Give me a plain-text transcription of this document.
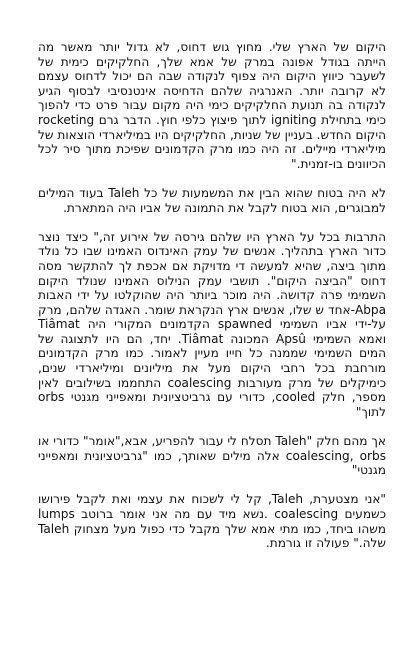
היקום של הארץ שלי. מחוץ גוש דחוס, לא גדול יותר מאשר מה הייתה בגודל אפונה במרק של אמא שלך, החלקיקים כימית של לשעבר כיווץ היקום היה צפוף לנקודה שבה הם יכול לדחוס עצמם לא קרובה יותר. האנרגיה שלהם הדחיסה אינטנסיבי לבסוף הגיע לנקודה בה תנועת החלקיקים כימי היה מקום עבור פרט כדי להפוך כימי בתחילת igniting לתוך פיצוץ כלפי חוץ. הדבר גרם rocketing היקום החדש. בעניין של שניות, החלקיקים היו במיליארדי הוצאות של מיליארדי מיילים. זה היה כמו מרק הקדמונים שפיכת מתוך סיר לכל הכיוונים בו-זמנית."

לא היה בטוח שהוא הבין את המשמעות של כל Taleh בעוד המילים למבוגרים, הוא בטוח לקבל את התמונה של אביו היה המתארת.

התרבות בכל על הארץ היו שלהם גירסה של אירוע זה," כיצד נוצר כדור הארץ בתהליך. אנשים של עמק האינדוס האמינו שבו כל נולד מתוך ביצה, שהיא למעשה די מדויקת אם אכפת לך להתקשר מסה דחוס "הביצה היקום". תושבי עמק הנילוס האמינו שנולד היקום השמימי פרה קדושה. היה מוכר ביותר היה שהוקלטו על ידי האבות Abpa-אחד ש שלו, אנשים ארץ הנקראת שומר. האגדה שלהם, מרק על-ידי אביו השמימי spawned הקדמונים המקורי היה Tiâmat ואמא השמימי Apsû המכונה Tiâmat. יחד, הם היו לתצוגה של המים השמימי שממנה כל חייו מעיין לאמור. כמו מרק הקדמונים מורחבת בכל רחבי היקום מעל את מיליונים ומיליארדי שנים, כימיקלים של מרק מעורבות coalescing התחממו בשילובים לאין מספר, חלק cooled, כדורי עם גרביטציונית ומאפייני מגנטי orbs לתוך"

אך מהם חלק "Taleh תסלח לי עבור להפריע, אבא,"אומר" כדורי או coalescing, orbs אלה מילים שאותך, כמו "גרביטציונית ומאפייני מגנטי"

"אני מצטערת, Taleh, קל לי לשכוח את עצמי ואת לקבל פירושו כשמעים coalescing .נשא מיד עם מה אני אומר ברוטב lumps משהו ביחד, כמו מתי אמא שלך מקבל כדי כפול מעל מצחוק Taleh שלה." פעולה זו גורמת.
